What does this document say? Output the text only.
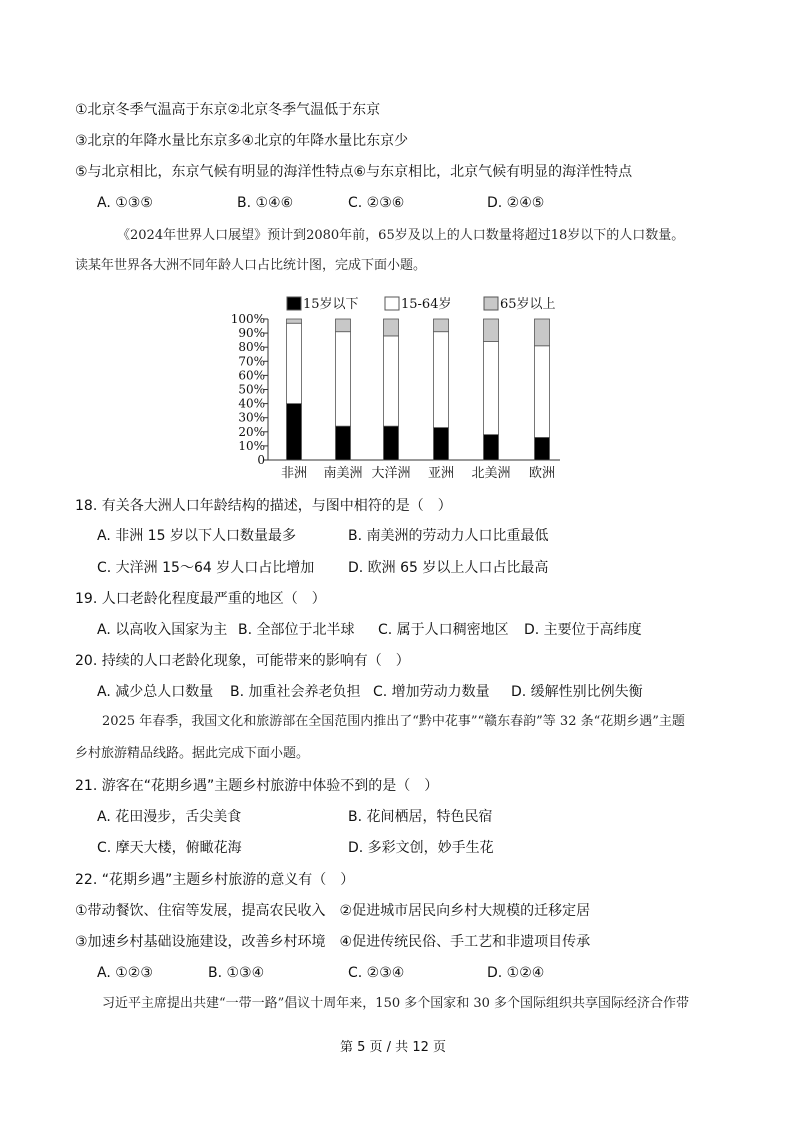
①北京冬季气温高于东京②北京冬季气温低于东京
③北京的年降水量比东京多④北京的年降水量比东京少
⑤与北京相比，东京气候有明显的海洋性特点⑥与东京相比，北京气候有明显的海洋性特点
A. ①③⑤	B. ①④⑥	C. ②③⑥	D. ②④⑤
《2024年世界人口展望》预计到2080年前，65岁及以上的人口数量将超过18岁以下的人口数量。
读某年世界各大洲不同年龄人口占比统计图，完成下面小题。
0
10%
20%
30%
40%
50%
60%
70%
80%
90%
100%
非洲 南美洲 大洋洲 亚洲 北美洲 欧洲
15岁以下	15-64岁	65岁以上
18. 有关各大洲人口年龄结构的描述，与图中相符的是（　）
A. 非洲 15 岁以下人口数量最多	B. 南美洲的劳动力人口比重最低
C. 大洋洲 15～64 岁人口占比增加 D. 欧洲 65 岁以上人口占比最高
19. 人口老龄化程度最严重的地区（　）
A. 以高收入国家为主 B. 全部位于北半球 C. 属于人口稠密地区 D. 主要位于高纬度
20. 持续的人口老龄化现象，可能带来的影响有（　）
A. 减少总人口数量 B. 加重社会养老负担 C. 增加劳动力数量 D. 缓解性别比例失衡
2025 年春季，我国文化和旅游部在全国范围内推出了“黔中花事”“赣东春韵”等 32 条“花期乡遇”主题
乡村旅游精品线路。据此完成下面小题。
21. 游客在“花期乡遇”主题乡村旅游中体验不到的是（　）
A. 花田漫步，舌尖美食	B. 花间栖居，特色民宿
C. 摩天大楼，俯瞰花海	D. 多彩文创，妙手生花
22. “花期乡遇”主题乡村旅游的意义有（　）
①带动餐饮、住宿等发展，提高农民收入　②促进城市居民向乡村大规模的迁移定居
③加速乡村基础设施建设，改善乡村环境　④促进传统民俗、手工艺和非遗项目传承
A. ①②③	B. ①③④	C. ②③④	D. ①②④
习近平主席提出共建“一带一路”倡议十周年来，150 多个国家和 30 多个国际组织共享国际经济合作带
第 5 页 / 共 12 页
